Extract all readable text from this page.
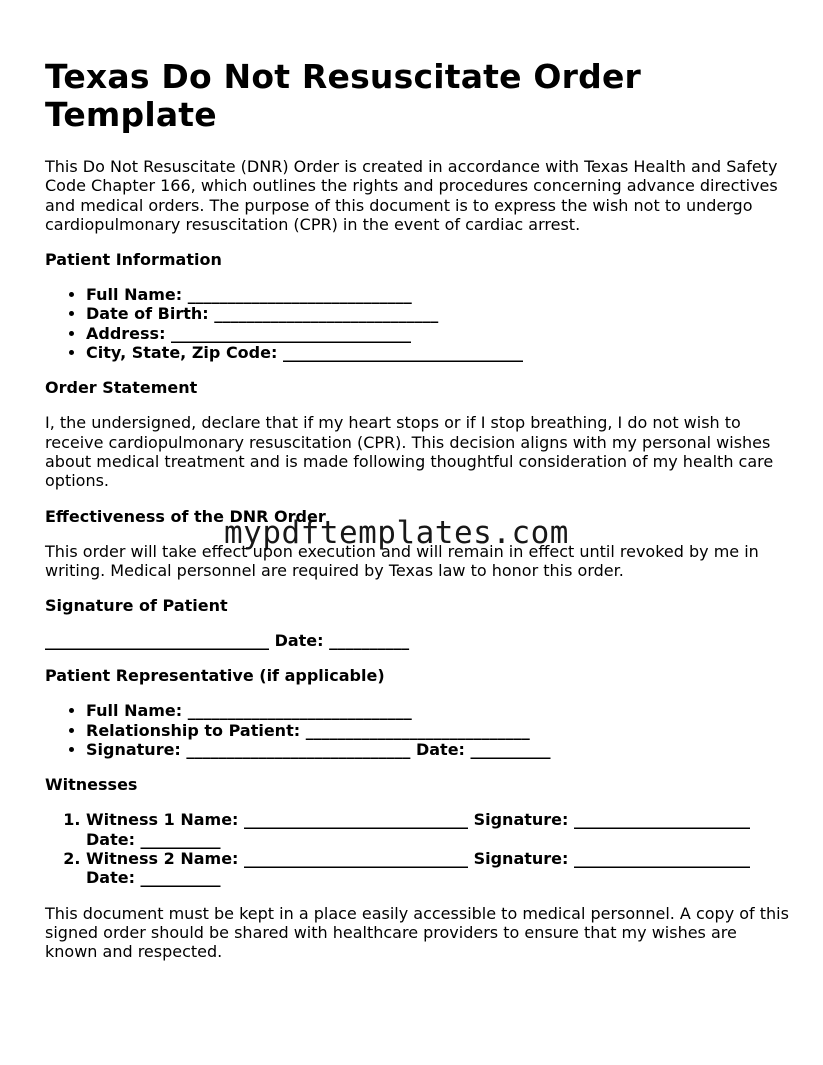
Texas Do Not Resuscitate Order Template

This Do Not Resuscitate (DNR) Order is created in accordance with Texas Health and Safety Code Chapter 166, which outlines the rights and procedures concerning advance directives and medical orders. The purpose of this document is to express the wish not to undergo cardiopulmonary resuscitation (CPR) in the event of cardiac arrest.

Patient Information
• Full Name: ____________________________
• Date of Birth: ____________________________
• Address: ______________________________
• City, State, Zip Code: ______________________________
Order Statement

I, the undersigned, declare that if my heart stops or if I stop breathing, I do not wish to receive cardiopulmonary resuscitation (CPR). This decision aligns with my personal wishes about medical treatment and is made following thoughtful consideration of my health care options.

Effectiveness of the DNR Order

This order will take effect upon execution and will remain in effect until revoked by me in writing. Medical personnel are required by Texas law to honor this order.

Signature of Patient

____________________________ Date: __________

Patient Representative (if applicable)
• Full Name: ____________________________
• Relationship to Patient: ____________________________
• Signature: ____________________________ Date: __________
Witnesses
1. Witness 1 Name: ____________________________ Signature: ______________________ Date: __________
2. Witness 2 Name: ____________________________ Signature: ______________________ Date: __________

This document must be kept in a place easily accessible to medical personnel. A copy of this signed order should be shared with healthcare providers to ensure that my wishes are known and respected.

mypdftemplates.com
